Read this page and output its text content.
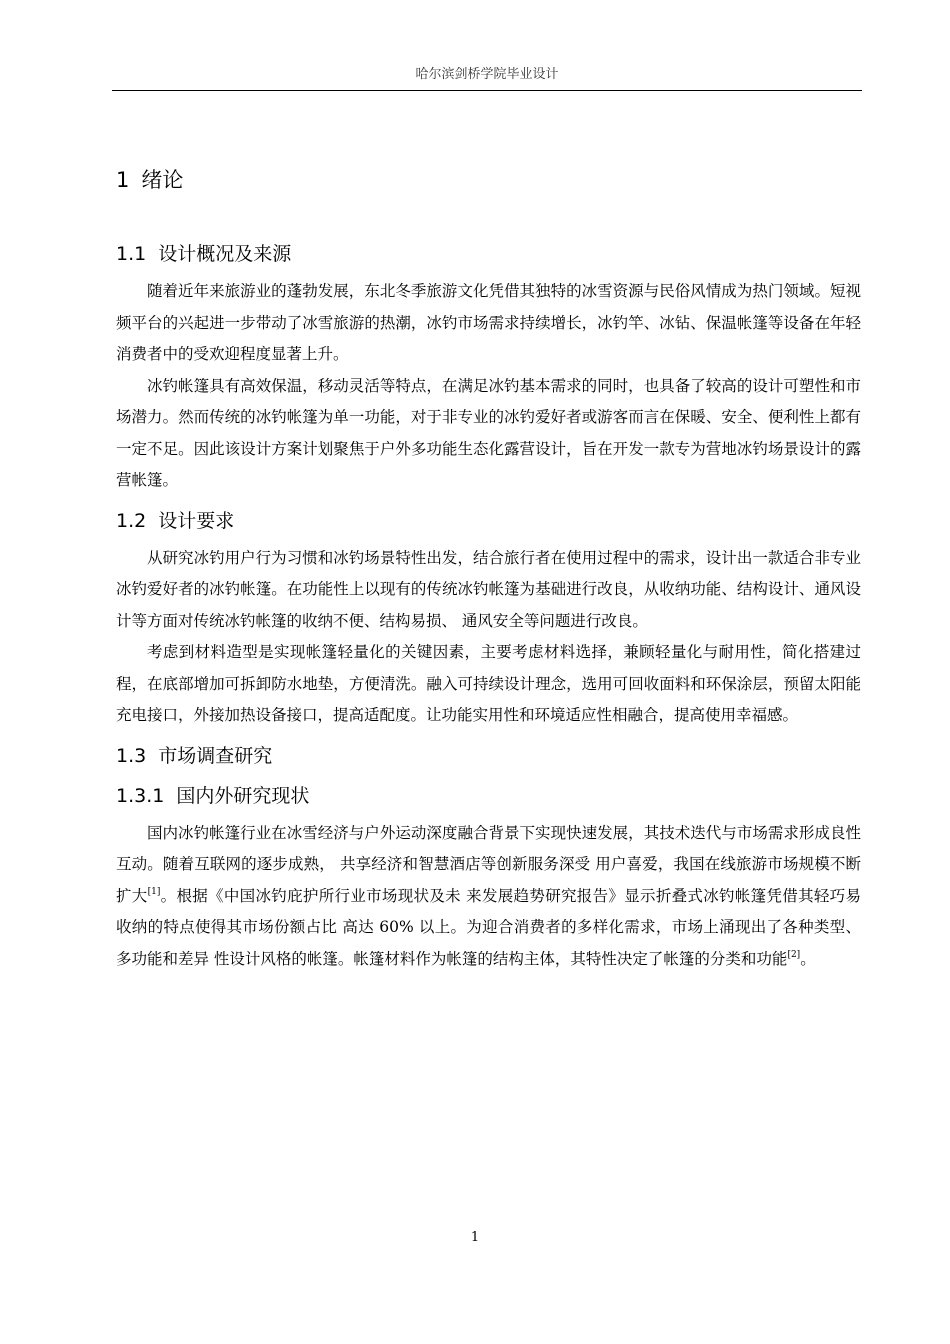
哈尔滨剑桥学院毕业设计
1 绪论
1.1 设计概况及来源

随着近年来旅游业的蓬勃发展，东北冬季旅游文化凭借其独特的冰雪资源与民俗风情成为热门领域。短视频平台的兴起进一步带动了冰雪旅游的热潮，冰钓市场需求持续增长，冰钓竿、冰钻、保温帐篷等设备在年轻消费者中的受欢迎程度显著上升。

冰钓帐篷具有高效保温，移动灵活等特点，在满足冰钓基本需求的同时，也具备了较高的设计可塑性和市场潜力。然而传统的冰钓帐篷为单一功能，对于非专业的冰钓爱好者或游客而言在保暖、安全、便利性上都有一定不足。因此该设计方案计划聚焦于户外多功能生态化露营设计，旨在开发一款专为营地冰钓场景设计的露营帐篷。

1.2 设计要求

从研究冰钓用户行为习惯和冰钓场景特性出发，结合旅行者在使用过程中的需求，设计出一款适合非专业冰钓爱好者的冰钓帐篷。在功能性上以现有的传统冰钓帐篷为基础进行改良，从收纳功能、结构设计、通风设计等方面对传统冰钓帐篷的收纳不便、结构易损、 通风安全等问题进行改良。

考虑到材料造型是实现帐篷轻量化的关键因素，主要考虑材料选择，兼顾轻量化与耐用性，简化搭建过程，在底部增加可拆卸防水地垫，方便清洗。融入可持续设计理念，选用可回收面料和环保涂层，预留太阳能充电接口，外接加热设备接口，提高适配度。让功能实用性和环境适应性相融合，提高使用幸福感。

1.3 市场调查研究
1.3.1 国内外研究现状

国内冰钓帐篷行业在冰雪经济与户外运动深度融合背景下实现快速发展，其技术迭代与市场需求形成良性互动。随着互联网的逐步成熟， 共享经济和智慧酒店等创新服务深受 用户喜爱，我国在线旅游市场规模不断扩大[1]。根据《中国冰钓庇护所行业市场现状及未 来发展趋势研究报告》显示折叠式冰钓帐篷凭借其轻巧易收纳的特点使得其市场份额占比 高达 60% 以上。为迎合消费者的多样化需求，市场上涌现出了各种类型、多功能和差异 性设计风格的帐篷。帐篷材料作为帐篷的结构主体，其特性决定了帐篷的分类和功能[2]。

1
